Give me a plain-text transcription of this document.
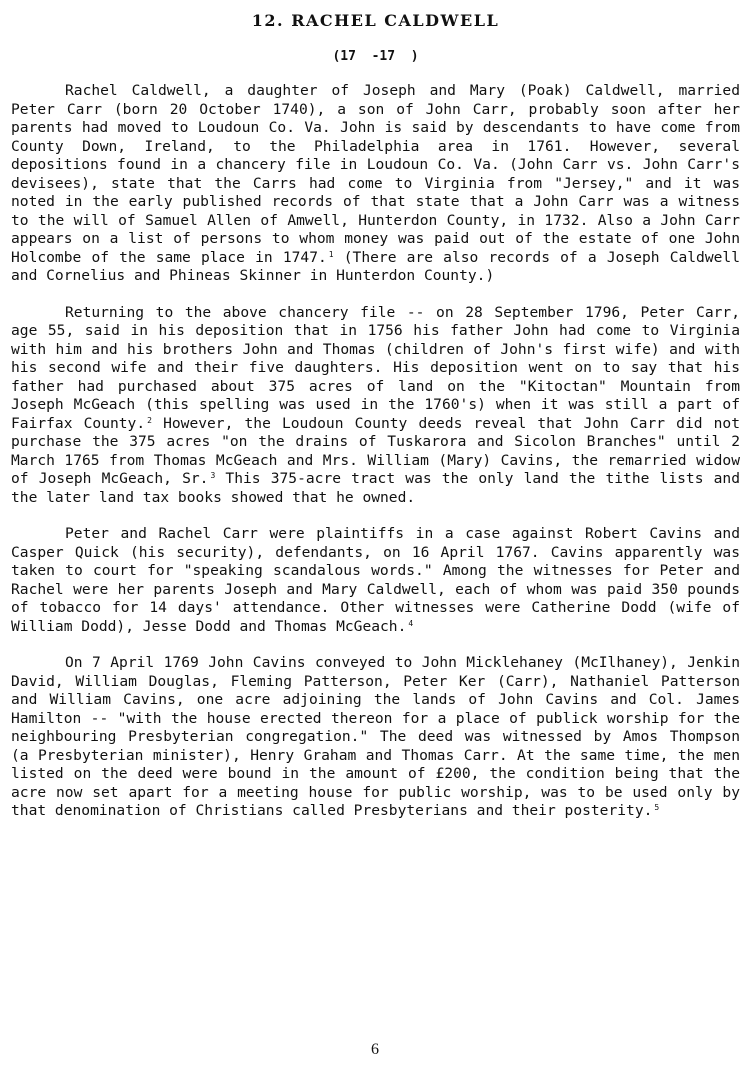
12. RACHEL CALDWELL
(17  -17  )

Rachel Caldwell, a daughter of Joseph and Mary (Poak) Caldwell, married Peter Carr (born 20 October 1740), a son of John Carr, probably soon after her parents had moved to Loudoun Co. Va. John is said by descendants to have come from County Down, Ireland, to the Philadelphia area in 1761. However, several depositions found in a chancery file in Loudoun Co. Va. (John Carr vs. John Carr's devisees), state that the Carrs had come to Virginia from "Jersey," and it was noted in the early published records of that state that a John Carr was a witness to the will of Samuel Allen of Amwell, Hunterdon County, in 1732. Also a John Carr appears on a list of persons to whom money was paid out of the estate of one John Holcombe of the same place in 1747. $^1$ (There are also records of a Joseph Caldwell and Cornelius and Phineas Skinner in Hunterdon County.)

Returning to the above chancery file -- on 28 September 1796, Peter Carr, age 55, said in his deposition that in 1756 his father John had come to Virginia with him and his brothers John and Thomas (children of John's first wife) and with his second wife and their five daughters. His deposition went on to say that his father had purchased about 375 acres of land on the "Kitoctan" Mountain from Joseph McGeach (this spelling was used in the 1760's) when it was still a part of Fairfax County. $^2$ However, the Loudoun County deeds reveal that John Carr did not purchase the 375 acres "on the drains of Tuskarora and Sicolon Branches" until 2 March 1765 from Thomas McGeach and Mrs. William (Mary) Cavins, the remarried widow of Joseph McGeach, Sr. $^3$ This 375-acre tract was the only land the tithe lists and the later land tax books showed that he owned.

Peter and Rachel Carr were plaintiffs in a case against Robert Cavins and Casper Quick (his security), defendants, on 16 April 1767. Cavins apparently was taken to court for "speaking scandalous words." Among the witnesses for Peter and Rachel were her parents Joseph and Mary Caldwell, each of whom was paid 350 pounds of tobacco for 14 days' attendance. Other witnesses were Catherine Dodd (wife of William Dodd), Jesse Dodd and Thomas McGeach. $^4$

On 7 April 1769 John Cavins conveyed to John Micklehaney (McIlhaney), Jenkin David, William Douglas, Fleming Patterson, Peter Ker (Carr), Nathaniel Patterson and William Cavins, one acre adjoining the lands of John Cavins and Col. James Hamilton -- "with the house erected thereon for a place of publick worship for the neighbouring Presbyterian congregation." The deed was witnessed by Amos Thompson (a Presbyterian minister), Henry Graham and Thomas Carr. At the same time, the men listed on the deed were bound in the amount of £200, the condition being that the acre now set apart for a meeting house for public worship, was to be used only by that denomination of Christians called Presbyterians and their posterity. $^5$

6
